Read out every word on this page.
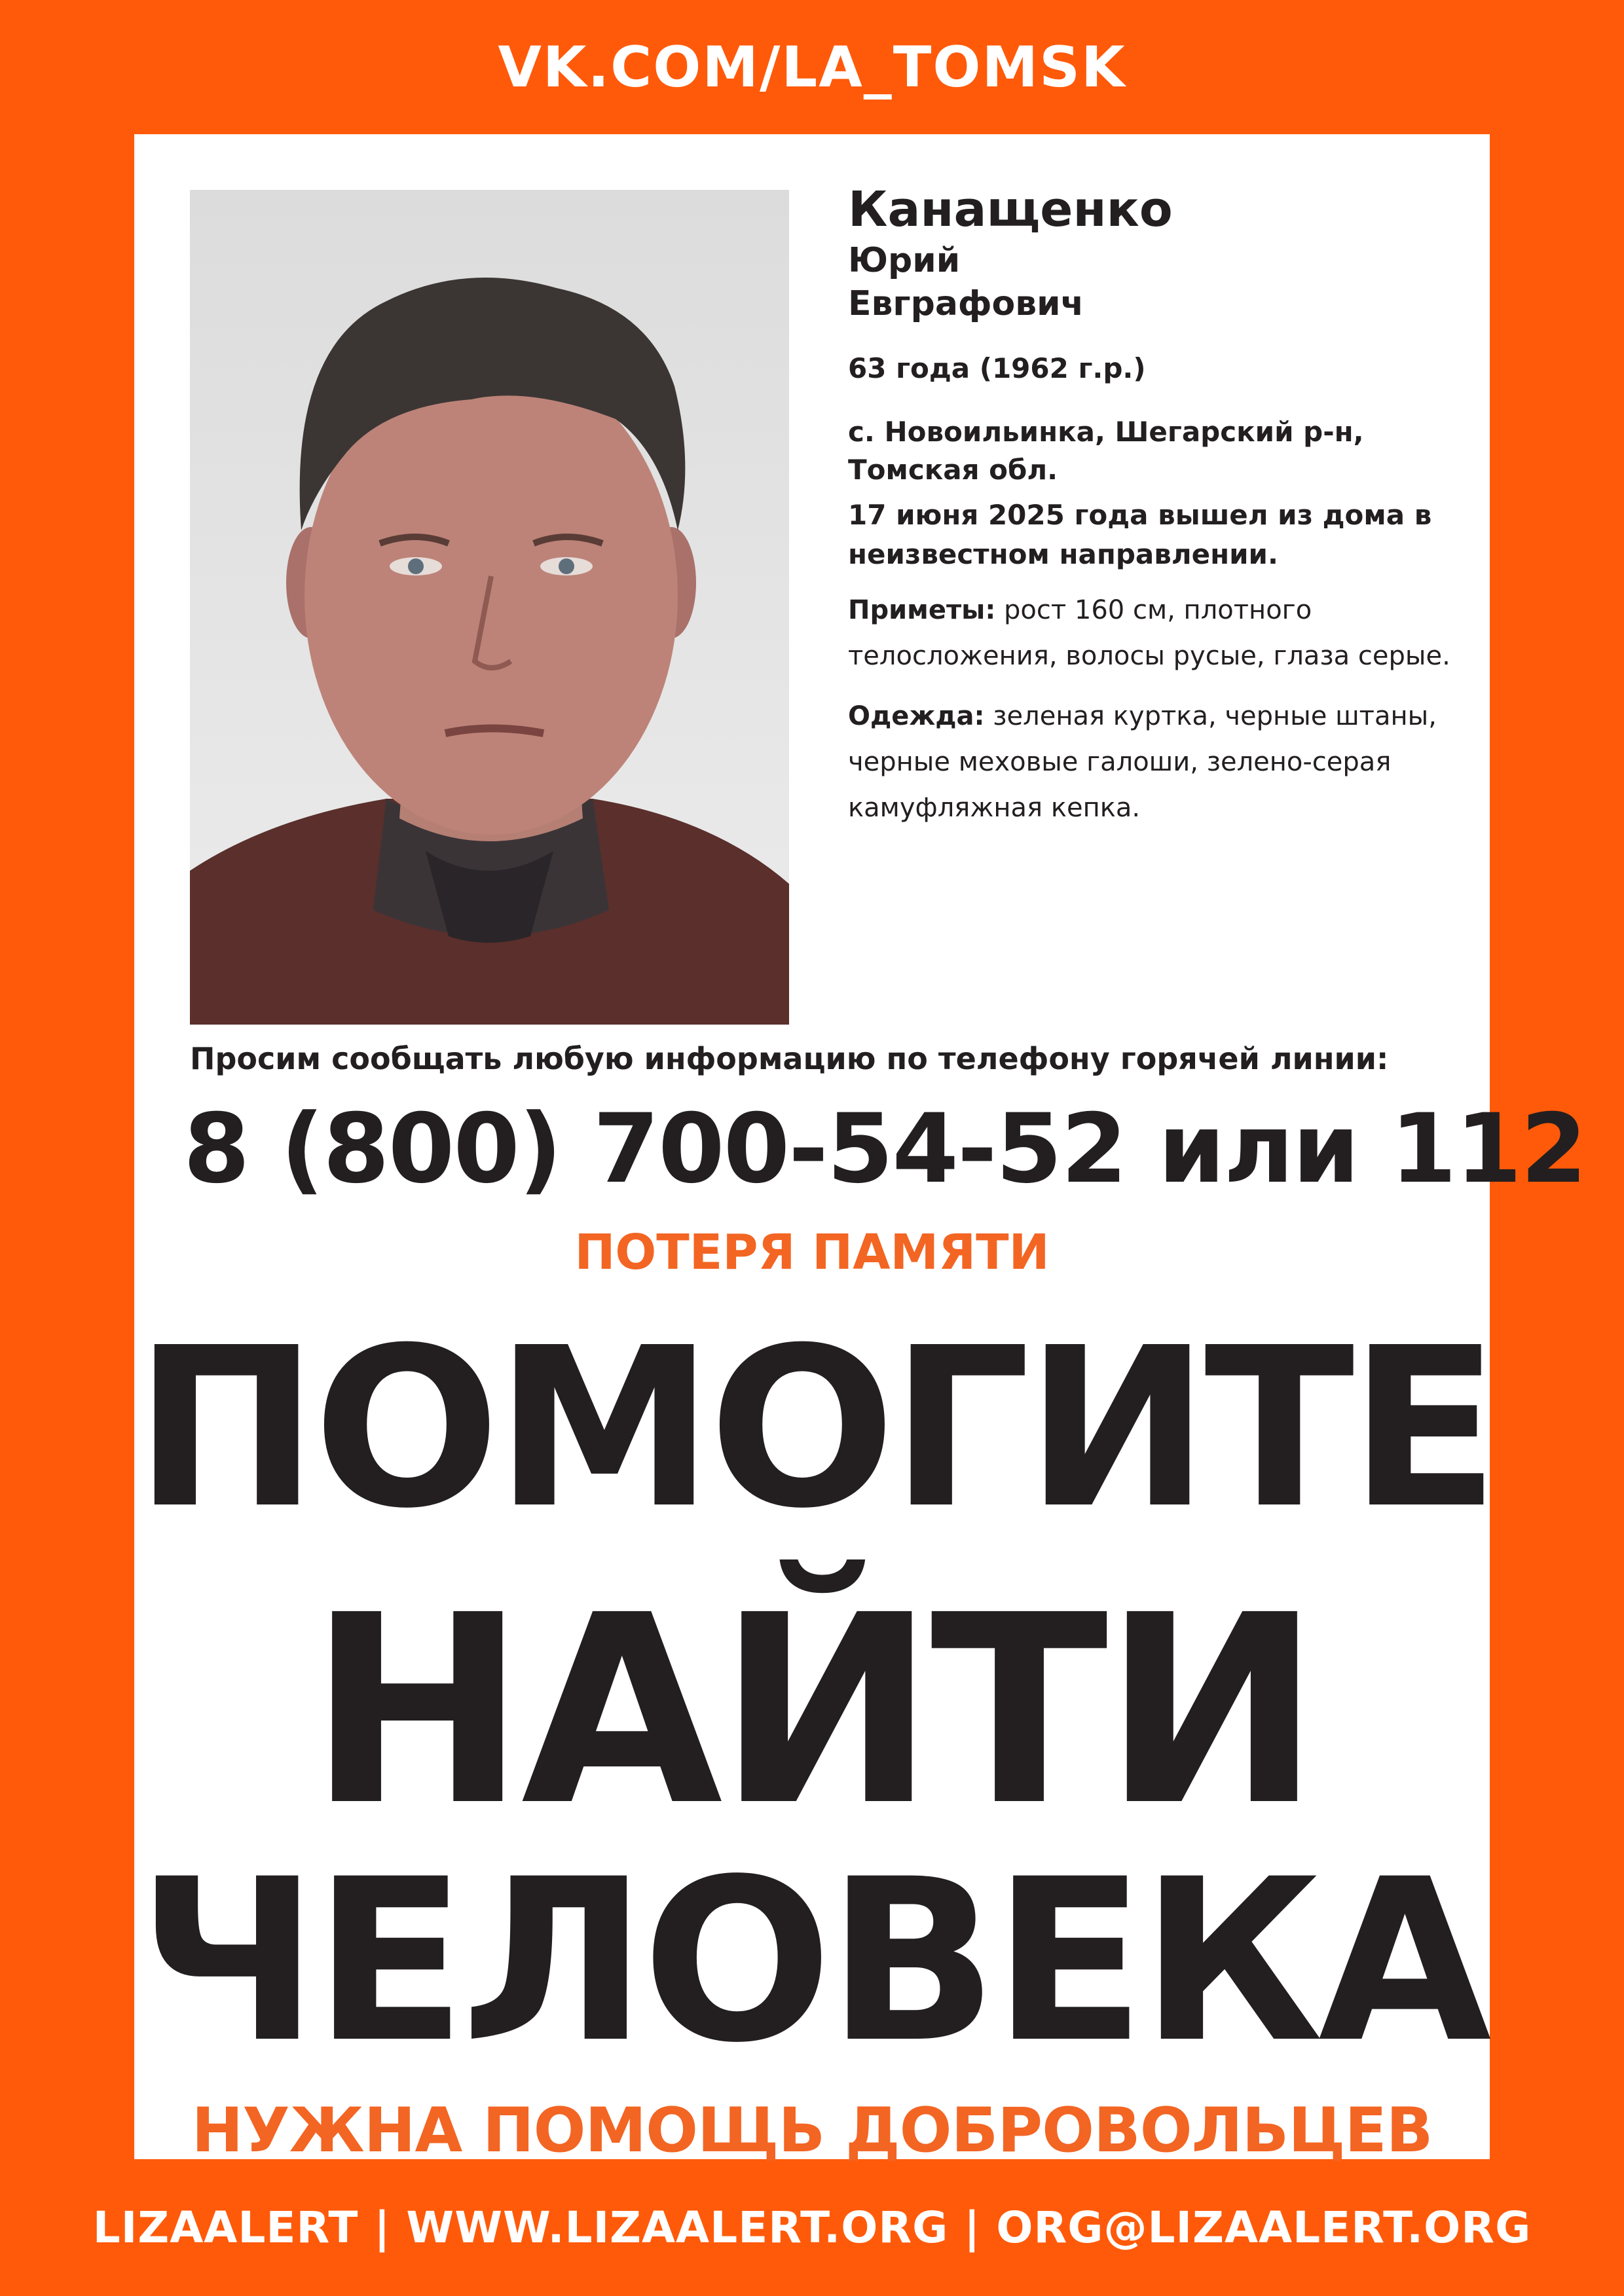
VK.COM/LA_TOMSK
Канащенко
Юрий
Евграфович
63 года (1962 г.р.)
с. Новоильинка, Шегарский р-н, Томская обл.
17 июня 2025 года вышел из дома в неизвестном направлении.
Приметы: рост 160 см, плотного телосложения, волосы русые, глаза серые.
Одежда: зеленая куртка, черные штаны, черные меховые галоши, зелено-серая камуфляжная кепка.
Просим сообщать любую информацию по телефону горячей линии:
8 (800) 700-54-52 или 112
ПОТЕРЯ ПАМЯТИ
ПОМОГИТЕ
НАЙТИ
ЧЕЛОВЕКА
НУЖНА ПОМОЩЬ ДОБРОВОЛЬЦЕВ
LIZAALERT | WWW.LIZAALERT.ORG | ORG@LIZAALERT.ORG
